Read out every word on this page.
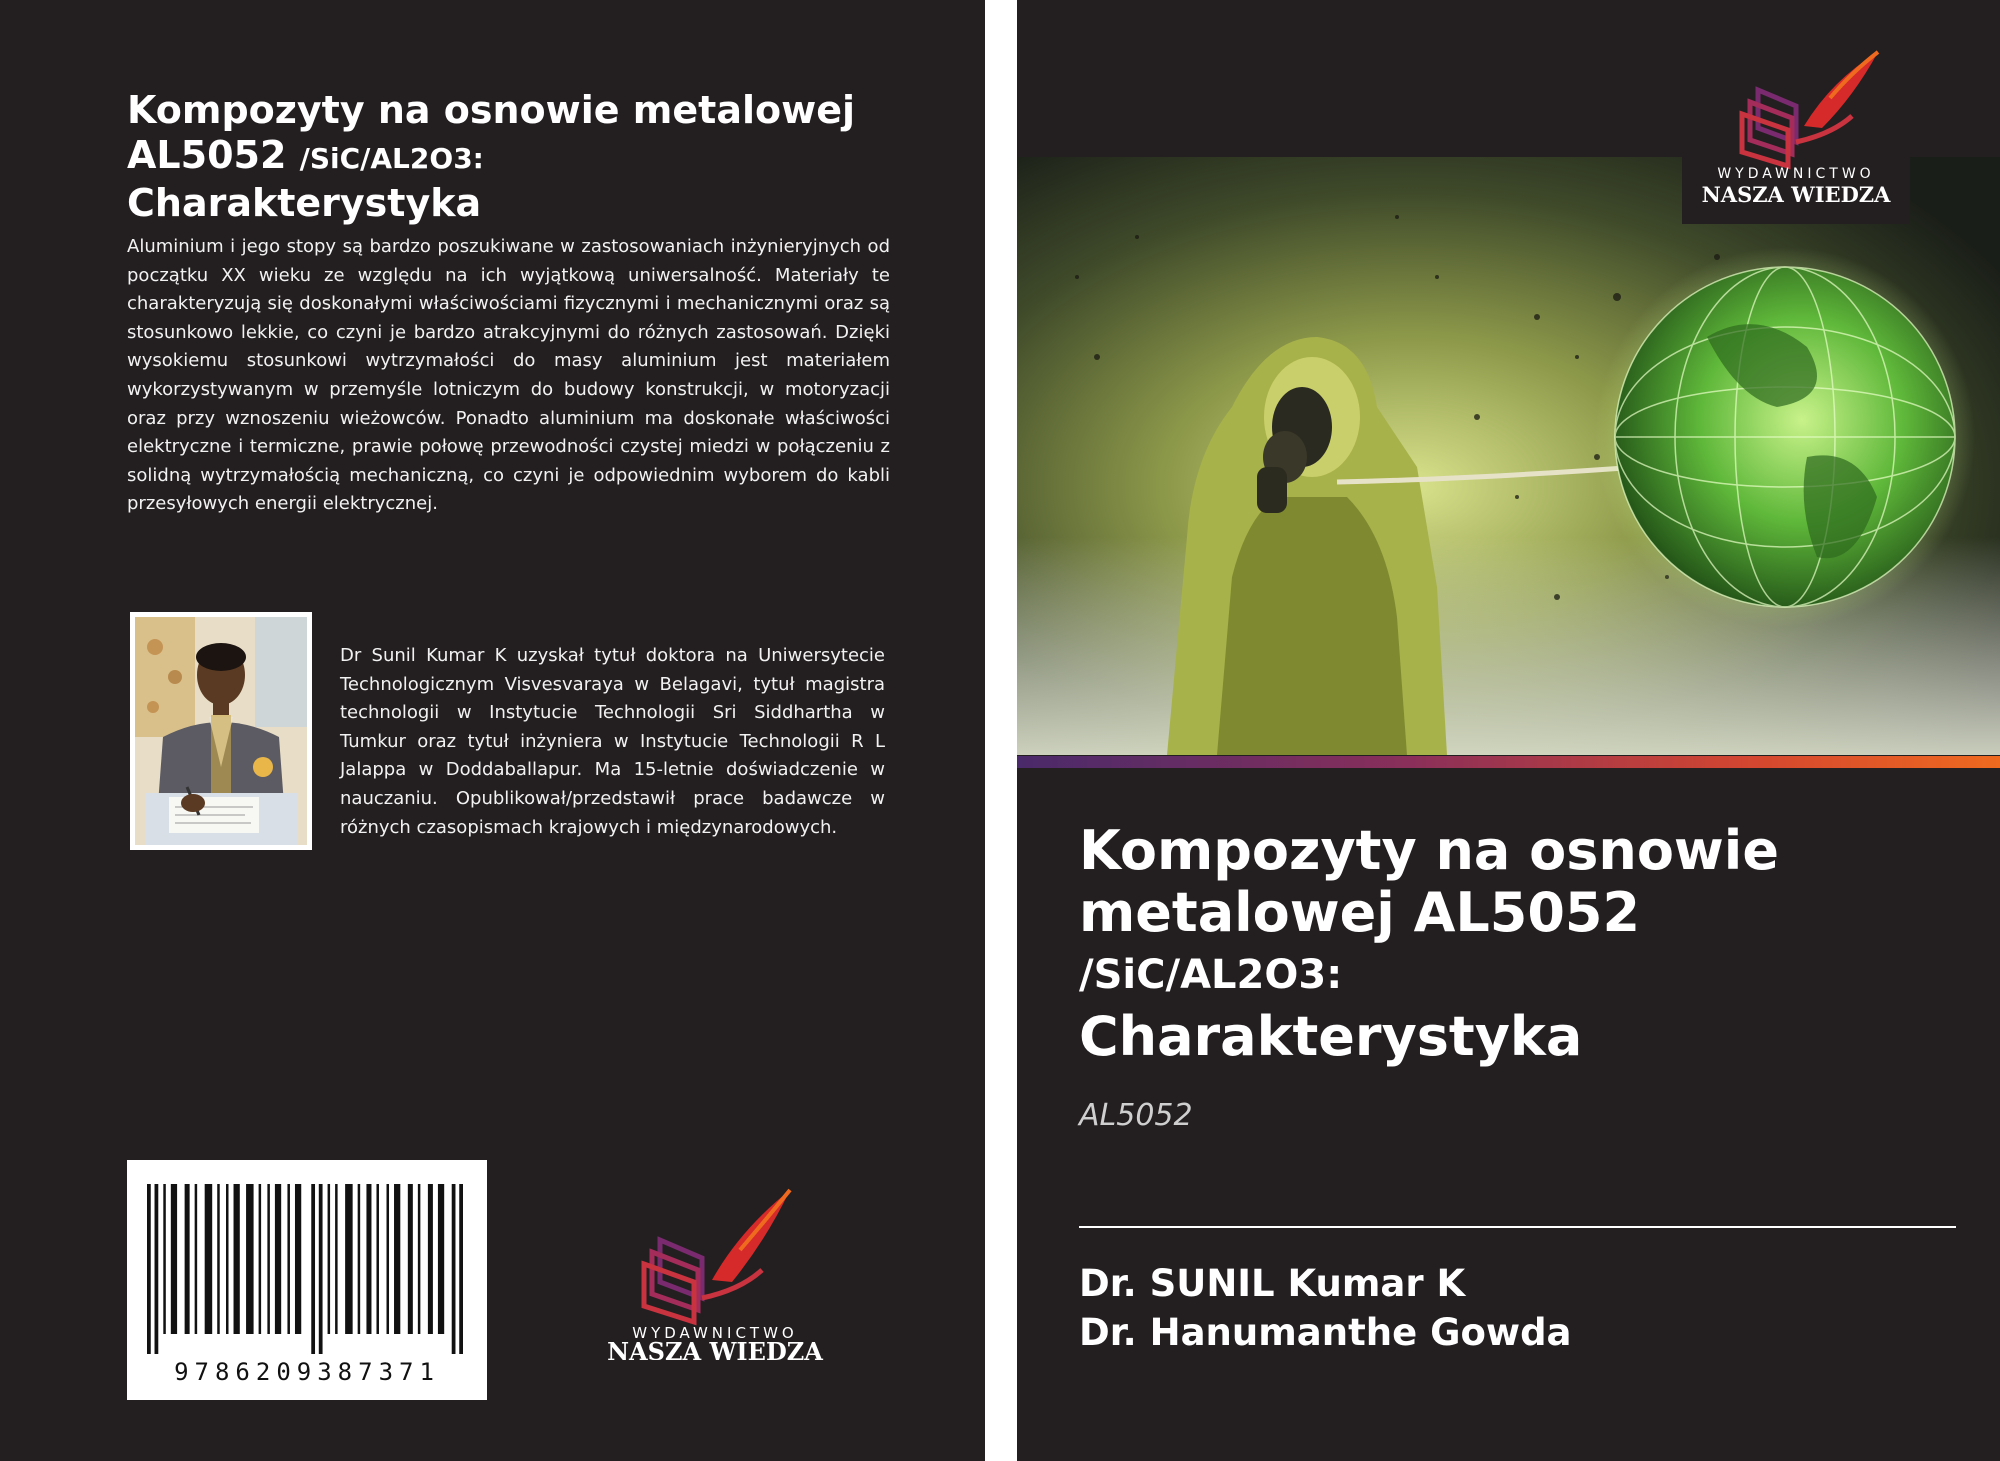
Kompozyty na osnowie metalowej AL5052 /SiC/AL2O3:
Charakterystyka

Aluminium i jego stopy są bardzo poszukiwane w zastosowaniach inżynieryjnych od początku XX wieku ze względu na ich wyjątkową uniwersalność. Materiały te charakteryzują się doskonałymi właściwościami fizycznymi i mechanicznymi oraz są stosunkowo lekkie, co czyni je bardzo atrakcyjnymi do różnych zastosowań. Dzięki wysokiemu stosunkowi wytrzymałości do masy aluminium jest materiałem wykorzystywanym w przemyśle lotniczym do budowy konstrukcji, w motoryzacji oraz przy wznoszeniu wieżowców. Ponadto aluminium ma doskonałe właściwości elektryczne i termiczne, prawie połowę przewodności czystej miedzi w połączeniu z solidną wytrzymałością mechaniczną, co czyni je odpowiednim wyborem do kabli przesyłowych energii elektrycznej.

Dr Sunil Kumar K uzyskał tytuł doktora na Uniwersytecie Technologicznym Visvesvaraya w Belagavi, tytuł magistra technologii w Instytucie Technologii Sri Siddhartha w Tumkur oraz tytuł inżyniera w Instytucie Technologii R L Jalappa w Doddaballapur. Ma 15-letnie doświadczenie w nauczaniu. Opublikował/przedstawił prace badawcze w różnych czasopismach krajowych i międzynarodowych.

9786209387371
WYDAWNICTWO
NASZA WIEDZA
WYDAWNICTWO
NASZA WIEDZA
Kompozyty na osnowie
metalowej AL5052
/SiC/AL2O3:
Charakterystyka
AL5052
Dr. SUNIL Kumar K
Dr. Hanumanthe Gowda
